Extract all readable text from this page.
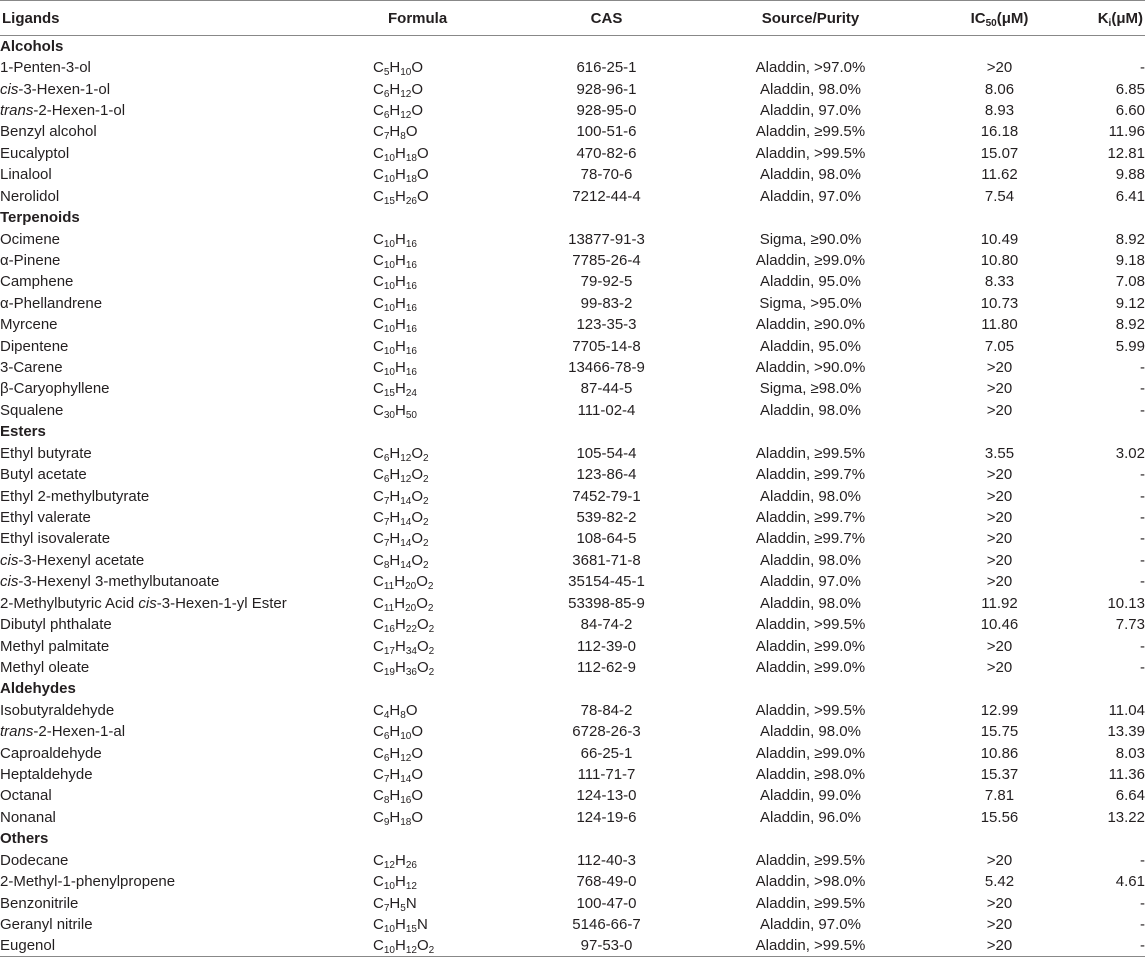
Ligands	Formula	CAS	Source/Purity	$IC_{50}(\mu M)$	$K_i(\mu M)$
Alcohols					
1-Penten-3-ol	$C_5H_{10}O$	616-25-1	Aladdin, >97.0%	>20	-
cis-3-Hexen-1-ol	$C_6H_{12}O$	928-96-1	Aladdin, 98.0%	8.06	6.85
trans-2-Hexen-1-ol	$C_6H_{12}O$	928-95-0	Aladdin, 97.0%	8.93	6.60
Benzyl alcohol	$C_7H_8O$	100-51-6	Aladdin, ≥99.5%	16.18	11.96
Eucalyptol	$C_{10}H_{18}O$	470-82-6	Aladdin, >99.5%	15.07	12.81
Linalool	$C_{10}H_{18}O$	78-70-6	Aladdin, 98.0%	11.62	9.88
Nerolidol	$C_{15}H_{26}O$	7212-44-4	Aladdin, 97.0%	7.54	6.41
Terpenoids					
Ocimene	$C_{10}H_{16}$	13877-91-3	Sigma, ≥90.0%	10.49	8.92
α-Pinene	$C_{10}H_{16}$	7785-26-4	Aladdin, ≥99.0%	10.80	9.18
Camphene	$C_{10}H_{16}$	79-92-5	Aladdin, 95.0%	8.33	7.08
α-Phellandrene	$C_{10}H_{16}$	99-83-2	Sigma, >95.0%	10.73	9.12
Myrcene	$C_{10}H_{16}$	123-35-3	Aladdin, ≥90.0%	11.80	8.92
Dipentene	$C_{10}H_{16}$	7705-14-8	Aladdin, 95.0%	7.05	5.99
3-Carene	$C_{10}H_{16}$	13466-78-9	Aladdin, >90.0%	>20	-
β-Caryophyllene	$C_{15}H_{24}$	87-44-5	Sigma, ≥98.0%	>20	-
Squalene	$C_{30}H_{50}$	111-02-4	Aladdin, 98.0%	>20	-
Esters					
Ethyl butyrate	$C_6H_{12}O_2$	105-54-4	Aladdin, ≥99.5%	3.55	3.02
Butyl acetate	$C_6H_{12}O_2$	123-86-4	Aladdin, ≥99.7%	>20	-
Ethyl 2-methylbutyrate	$C_7H_{14}O_2$	7452-79-1	Aladdin, 98.0%	>20	-
Ethyl valerate	$C_7H_{14}O_2$	539-82-2	Aladdin, ≥99.7%	>20	-
Ethyl isovalerate	$C_7H_{14}O_2$	108-64-5	Aladdin, ≥99.7%	>20	-
cis-3-Hexenyl acetate	$C_8H_{14}O_2$	3681-71-8	Aladdin, 98.0%	>20	-
cis-3-Hexenyl 3-methylbutanoate	$C_{11}H_{20}O_2$	35154-45-1	Aladdin, 97.0%	>20	-
2-Methylbutyric Acid cis-3-Hexen-1-yl Ester	$C_{11}H_{20}O_2$	53398-85-9	Aladdin, 98.0%	11.92	10.13
Dibutyl phthalate	$C_{16}H_{22}O_2$	84-74-2	Aladdin, >99.5%	10.46	7.73
Methyl palmitate	$C_{17}H_{34}O_2$	112-39-0	Aladdin, ≥99.0%	>20	-
Methyl oleate	$C_{19}H_{36}O_2$	112-62-9	Aladdin, ≥99.0%	>20	-
Aldehydes					
Isobutyraldehyde	$C_4H_8O$	78-84-2	Aladdin, >99.5%	12.99	11.04
trans-2-Hexen-1-al	$C_6H_{10}O$	6728-26-3	Aladdin, 98.0%	15.75	13.39
Caproaldehyde	$C_6H_{12}O$	66-25-1	Aladdin, ≥99.0%	10.86	8.03
Heptaldehyde	$C_7H_{14}O$	111-71-7	Aladdin, ≥98.0%	15.37	11.36
Octanal	$C_8H_{16}O$	124-13-0	Aladdin, 99.0%	7.81	6.64
Nonanal	$C_9H_{18}O$	124-19-6	Aladdin, 96.0%	15.56	13.22
Others					
Dodecane	$C_{12}H_{26}$	112-40-3	Aladdin, ≥99.5%	>20	-
2-Methyl-1-phenylpropene	$C_{10}H_{12}$	768-49-0	Aladdin, >98.0%	5.42	4.61
Benzonitrile	$C_7H_5N$	100-47-0	Aladdin, ≥99.5%	>20	-
Geranyl nitrile	$C_{10}H_{15}N$	5146-66-7	Aladdin, 97.0%	>20	-
Eugenol	$C_{10}H_{12}O_2$	97-53-0	Aladdin, >99.5%	>20	-
